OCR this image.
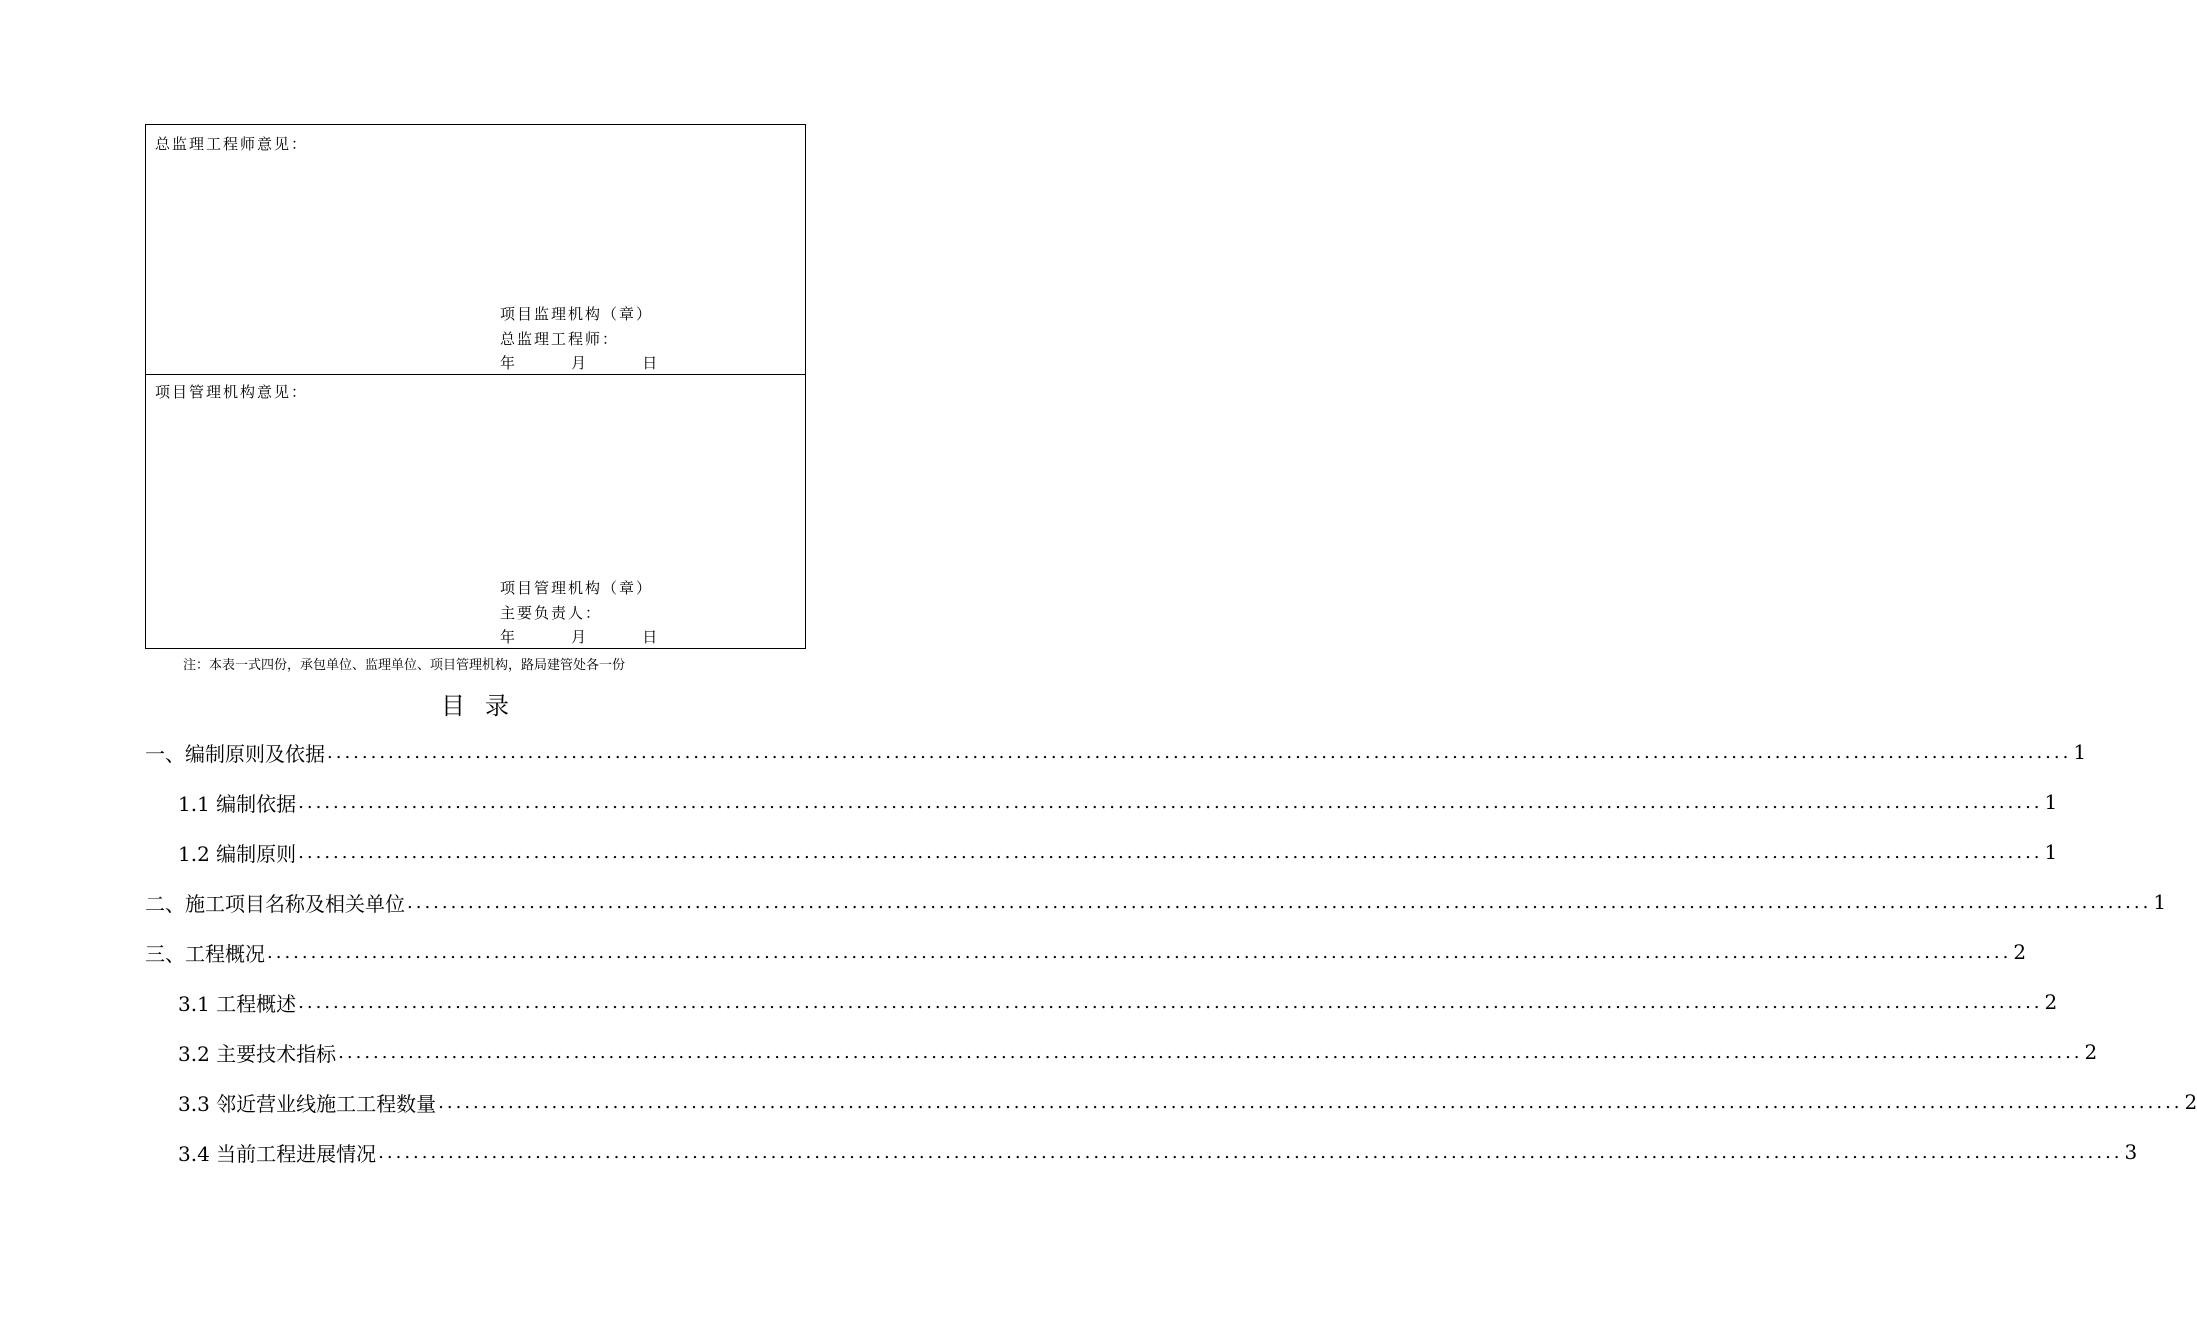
总监理工程师意见：
项目监理机构（章）
总监理工程师：
年        月        日
项目管理机构意见：
项目管理机构（章）
主要负责人：
年        月        日
注：本表一式四份，承包单位、监理单位、项目管理机构，路局建管处各一份
目录
一、编制原则及依据 ........................................................................................................................................................................................................ 1
1.1 编制依据 ........................................................................................................................................................................................................ 1
1.2 编制原则 ........................................................................................................................................................................................................ 1
二、施工项目名称及相关单位 ........................................................................................................................................................................................................ 1
三、工程概况 ........................................................................................................................................................................................................ 2
3.1 工程概述 ........................................................................................................................................................................................................ 2
3.2 主要技术指标 ........................................................................................................................................................................................................ 2
3.3 邻近营业线施工工程数量 ........................................................................................................................................................................................................ 2
3.4 当前工程进展情况 ........................................................................................................................................................................................................ 3
